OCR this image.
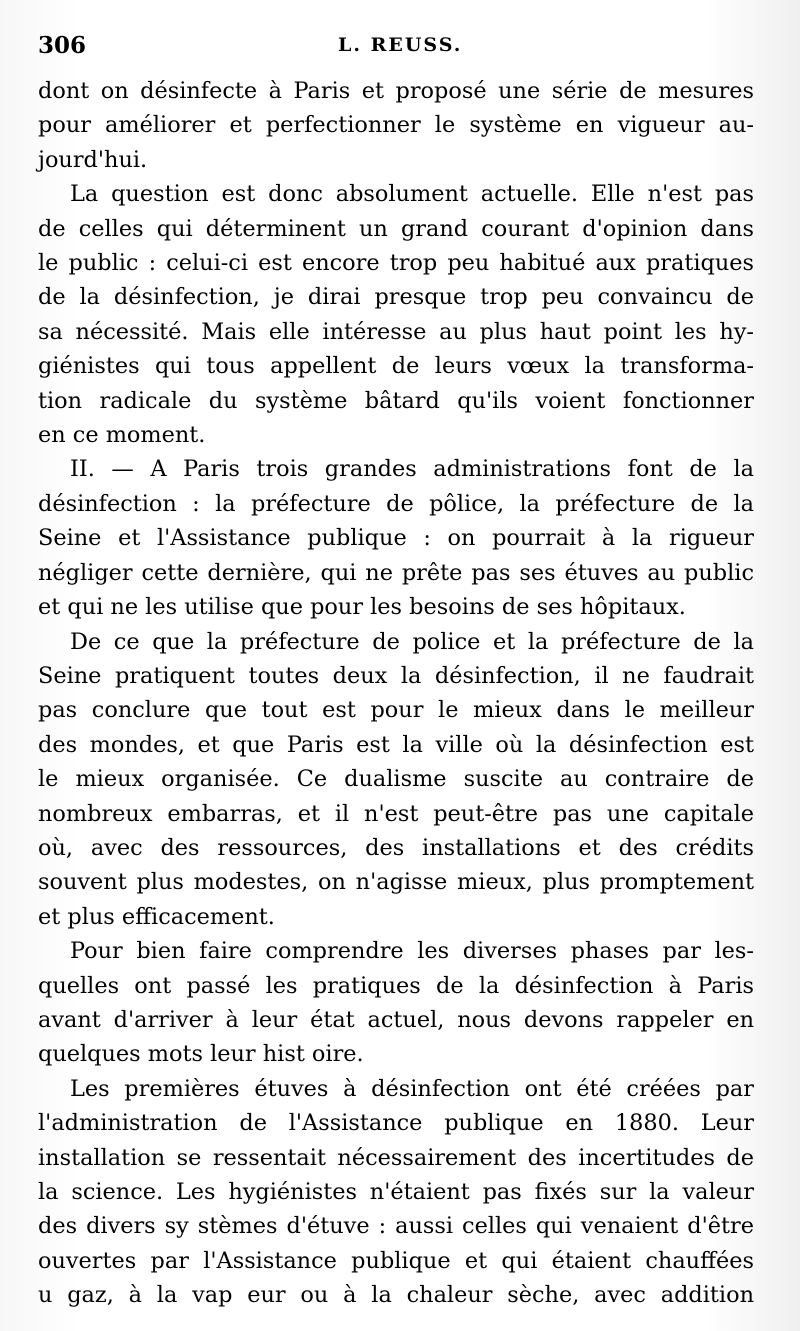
306	L. REUSS.
dont on désinfecte à Paris et proposé une série de mesures
pour améliorer et perfectionner le système en vigueur au-
jourd'hui.
La question est donc absolument actuelle. Elle n'est pas
de celles qui déterminent un grand courant d'opinion dans
le public : celui-ci est encore trop peu habitué aux pratiques
de la désinfection, je dirai presque trop peu convaincu de
sa nécessité. Mais elle intéresse au plus haut point les hy-
giénistes qui tous appellent de leurs vœux la transforma-
tion radicale du système bâtard qu'ils voient fonctionner
en ce moment.
II. — A Paris trois grandes administrations font de la
désinfection : la préfecture de pôlice, la préfecture de la
Seine et l'Assistance publique : on pourrait à la rigueur
négliger cette dernière, qui ne prête pas ses étuves au public
et qui ne les utilise que pour les besoins de ses hôpitaux.
De ce que la préfecture de police et la préfecture de la
Seine pratiquent toutes deux la désinfection, il ne faudrait
pas conclure que tout est pour le mieux dans le meilleur
des mondes, et que Paris est la ville où la désinfection est
le mieux organisée. Ce dualisme suscite au contraire de
nombreux embarras, et il n'est peut-être pas une capitale
où, avec des ressources, des installations et des crédits
souvent plus modestes, on n'agisse mieux, plus promptement
et plus efficacement.
Pour bien faire comprendre les diverses phases par les-
quelles ont passé les pratiques de la désinfection à Paris
avant d'arriver à leur état actuel, nous devons rappeler en
quelques mots leur hist oire.
Les premières étuves à désinfection ont été créées par
l'administration de l'Assistance publique en 1880. Leur
installation se ressentait nécessairement des incertitudes de
la science. Les hygiénistes n'étaient pas fixés sur la valeur
des divers sy stèmes d'étuve : aussi celles qui venaient d'être
ouvertes par l'Assistance publique et qui étaient chauffées
u gaz, à la vap eur ou à la chaleur sèche, avec addition
